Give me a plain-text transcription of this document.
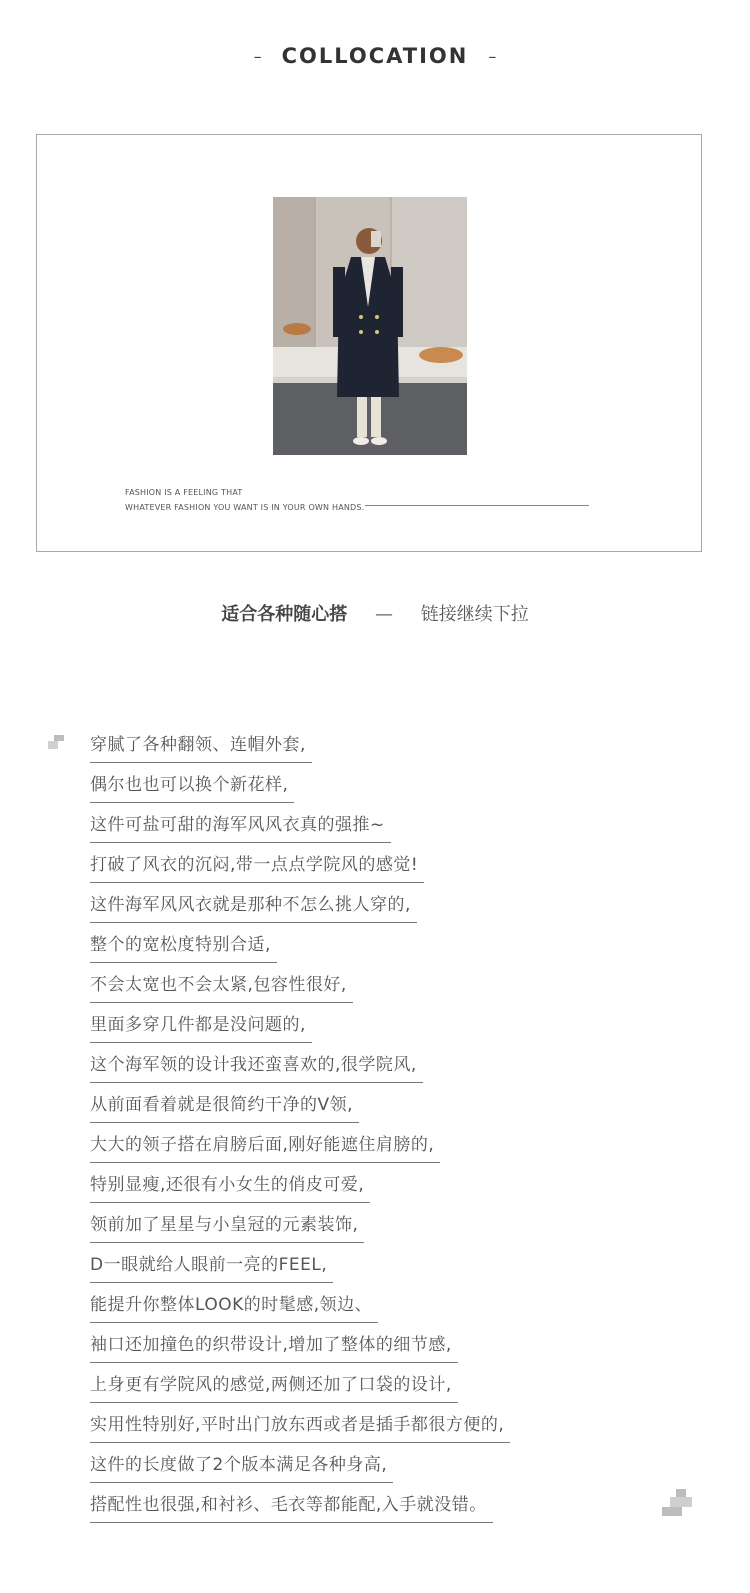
– COLLOCATION –
FASHION IS A FEELING THAT
WHATEVER FASHION YOU WANT IS IN YOUR OWN HANDS.
适合各种随心搭 — 链接继续下拉
穿腻了各种翻领、连帽外套,
偶尔也也可以换个新花样,
这件可盐可甜的海军风风衣真的强推~
打破了风衣的沉闷,带一点点学院风的感觉!
这件海军风风衣就是那种不怎么挑人穿的,
整个的宽松度特别合适,
不会太宽也不会太紧,包容性很好,
里面多穿几件都是没问题的,
这个海军领的设计我还蛮喜欢的,很学院风,
从前面看着就是很简约干净的V领,
大大的领子搭在肩膀后面,刚好能遮住肩膀的,
特别显瘦,还很有小女生的俏皮可爱,
领前加了星星与小皇冠的元素装饰,
D一眼就给人眼前一亮的FEEL,
能提升你整体LOOK的时髦感,领边、
袖口还加撞色的织带设计,增加了整体的细节感,
上身更有学院风的感觉,两侧还加了口袋的设计,
实用性特别好,平时出门放东西或者是插手都很方便的,
这件的长度做了2个版本满足各种身高,
搭配性也很强,和衬衫、毛衣等都能配,入手就没错。
